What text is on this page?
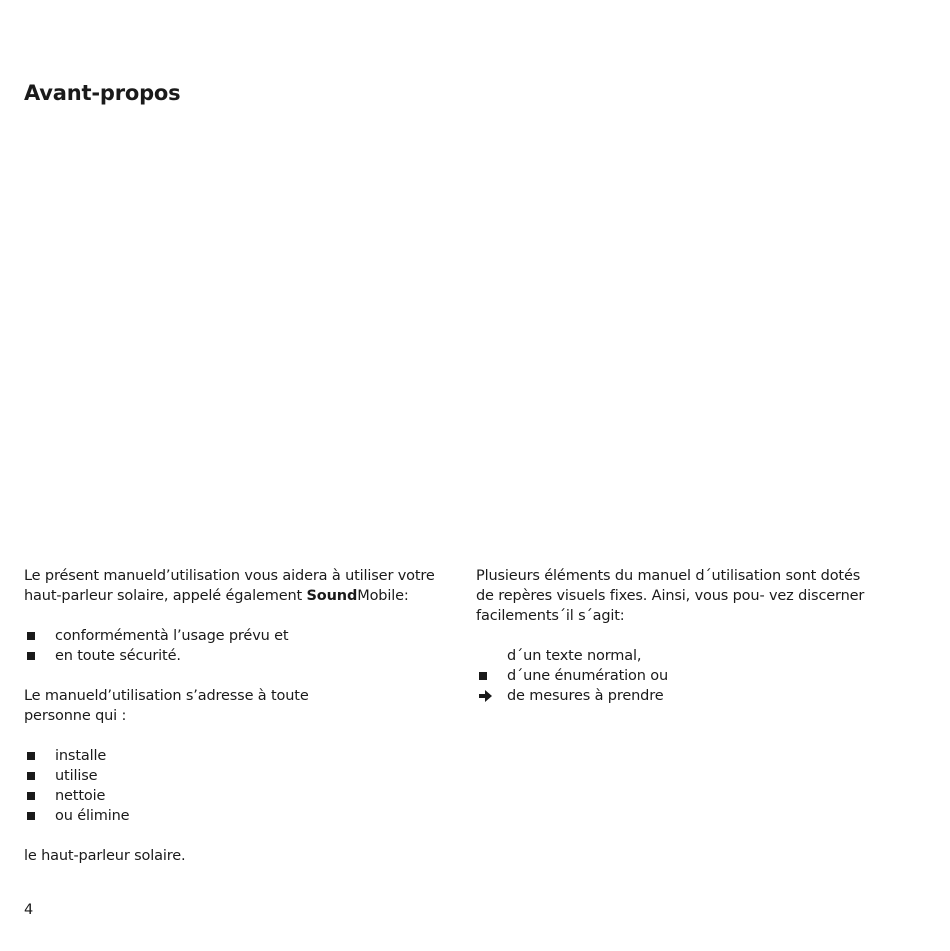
Avant-propos

Le présent manueld’utilisation vous aidera à utiliser votre

haut-parleur solaire, appelé également SoundMobile:

conformémentà l’usage prévu et
en toute sécurité.

Le manueld’utilisation s’adresse à toute

personne qui :

installe
utilise
nettoie
ou élimine

le haut-parleur solaire.

Plusieurs éléments du manuel d´utilisation sont dotés

de repères visuels fixes. Ainsi, vous pou- vez discerner

facilements´il s´agit:

d´un texte normal,
d´une énumération ou
de mesures à prendre
4
